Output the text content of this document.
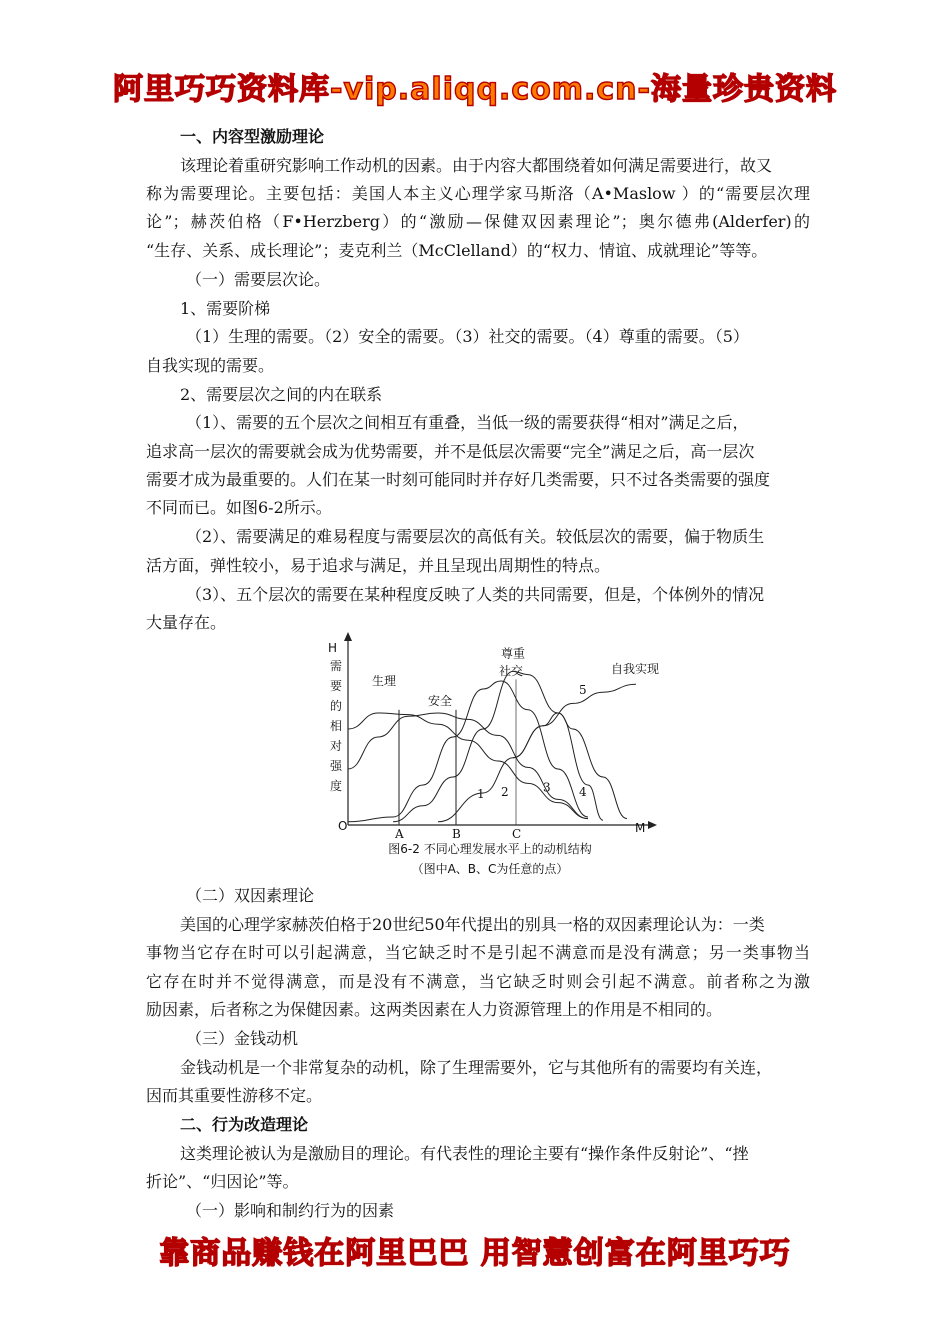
阿里巧巧资料库-vip.aliqq.com.cn-海量珍贵资料
一、内容型激励理论
该理论着重研究影响工作动机的因素。由于内容大都围绕着如何满足需要进行，故又
称为需要理论。主要包括：美国人本主义心理学家马斯洛（A•Maslow ）的“需要层次理
论”；赫茨伯格（F•Herzberg）的“激励—保健双因素理论”；奥尔德弗(Alderfer)的
“生存、关系、成长理论”；麦克利兰（McClelland）的“权力、情谊、成就理论”等等。
（一）需要层次论。
1、需要阶梯
（1）生理的需要。（2）安全的需要。（3）社交的需要。（4）尊重的需要。（5）
自我实现的需要。
2、需要层次之间的内在联系
（1）、需要的五个层次之间相互有重叠，当低一级的需要获得“相对”满足之后，
追求高一层次的需要就会成为优势需要，并不是低层次需要“完全”满足之后，高一层次
需要才成为最重要的。人们在某一时刻可能同时并存好几类需要，只不过各类需要的强度
不同而已。如图6-2所示。
（2）、需要满足的难易程度与需要层次的高低有关。较低层次的需要，偏于物质生
活方面，弹性较小，易于追求与满足，并且呈现出周期性的特点。
（3）、五个层次的需要在某种程度反映了人类的共同需要，但是，个体例外的情况
大量存在。
H
O	M
需要的相对强度
A	B	C
生理
安全
1
社交
2
尊重
3
自我实现
5
4
图6-2 不同心理发展水平上的动机结构
（图中A、B、C为任意的点）
（二）双因素理论
美国的心理学家赫茨伯格于20世纪50年代提出的别具一格的双因素理论认为：一类
事物当它存在时可以引起满意，当它缺乏时不是引起不满意而是没有满意；另一类事物当
它存在时并不觉得满意，而是没有不满意，当它缺乏时则会引起不满意。前者称之为激
励因素，后者称之为保健因素。这两类因素在人力资源管理上的作用是不相同的。
（三）金钱动机
金钱动机是一个非常复杂的动机，除了生理需要外，它与其他所有的需要均有关连，
因而其重要性游移不定。
二、行为改造理论
这类理论被认为是激励目的理论。有代表性的理论主要有“操作条件反射论”、“挫
折论”、“归因论”等。
（一）影响和制约行为的因素
靠商品赚钱在阿里巴巴 用智慧创富在阿里巧巧
